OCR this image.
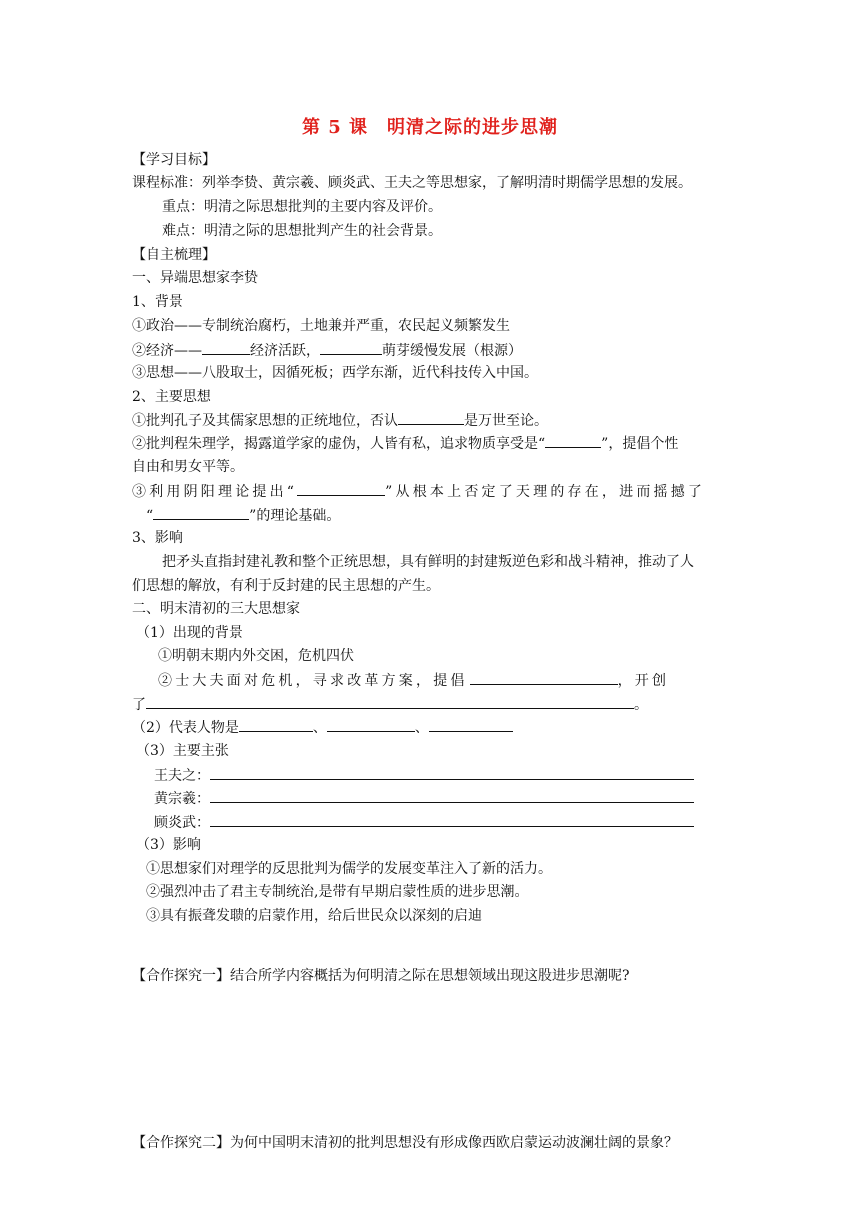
第 5 课　明清之际的进步思潮
【学习目标】
课程标准：列举李贽、黄宗羲、顾炎武、王夫之等思想家，了解明清时期儒学思想的发展。
重点：明清之际思想批判的主要内容及评价。
难点：明清之际的思想批判产生的社会背景。
【自主梳理】
一、异端思想家李贽
1、背景
①政治——专制统治腐朽，土地兼并严重，农民起义频繁发生
②经济——	经济活跃，	萌芽缓慢发展（根源）
③思想——八股取士，因循死板；西学东渐，近代科技传入中国。
2、主要思想
①批判孔子及其儒家思想的正统地位，否认	是万世至论。
②批判程朱理学，揭露道学家的虚伪，人皆有私，追求物质享受是“	”，提倡个性
自由和男女平等。
③利用阴阳理论提出“	”从根本上否定了天理的存在，进而摇撼了
“	”的理论基础。
3、影响
把矛头直指封建礼教和整个正统思想，具有鲜明的封建叛逆色彩和战斗精神，推动了人
们思想的解放，有利于反封建的民主思想的产生。
二、明末清初的三大思想家
（1）出现的背景
①明朝末期内外交困，危机四伏
②士大夫面对危机，寻求改革方案，提倡	，开创
了	。
（2）代表人物是	、	、
（3）主要主张
王夫之：
黄宗羲：
顾炎武：
（3）影响
①思想家们对理学的反思批判为儒学的发展变革注入了新的活力。
②强烈冲击了君主专制统治,是带有早期启蒙性质的进步思潮。
③具有振聋发聩的启蒙作用，给后世民众以深刻的启迪
【合作探究一】结合所学内容概括为何明清之际在思想领域出现这股进步思潮呢?
【合作探究二】为何中国明末清初的批判思想没有形成像西欧启蒙运动波澜壮阔的景象？
